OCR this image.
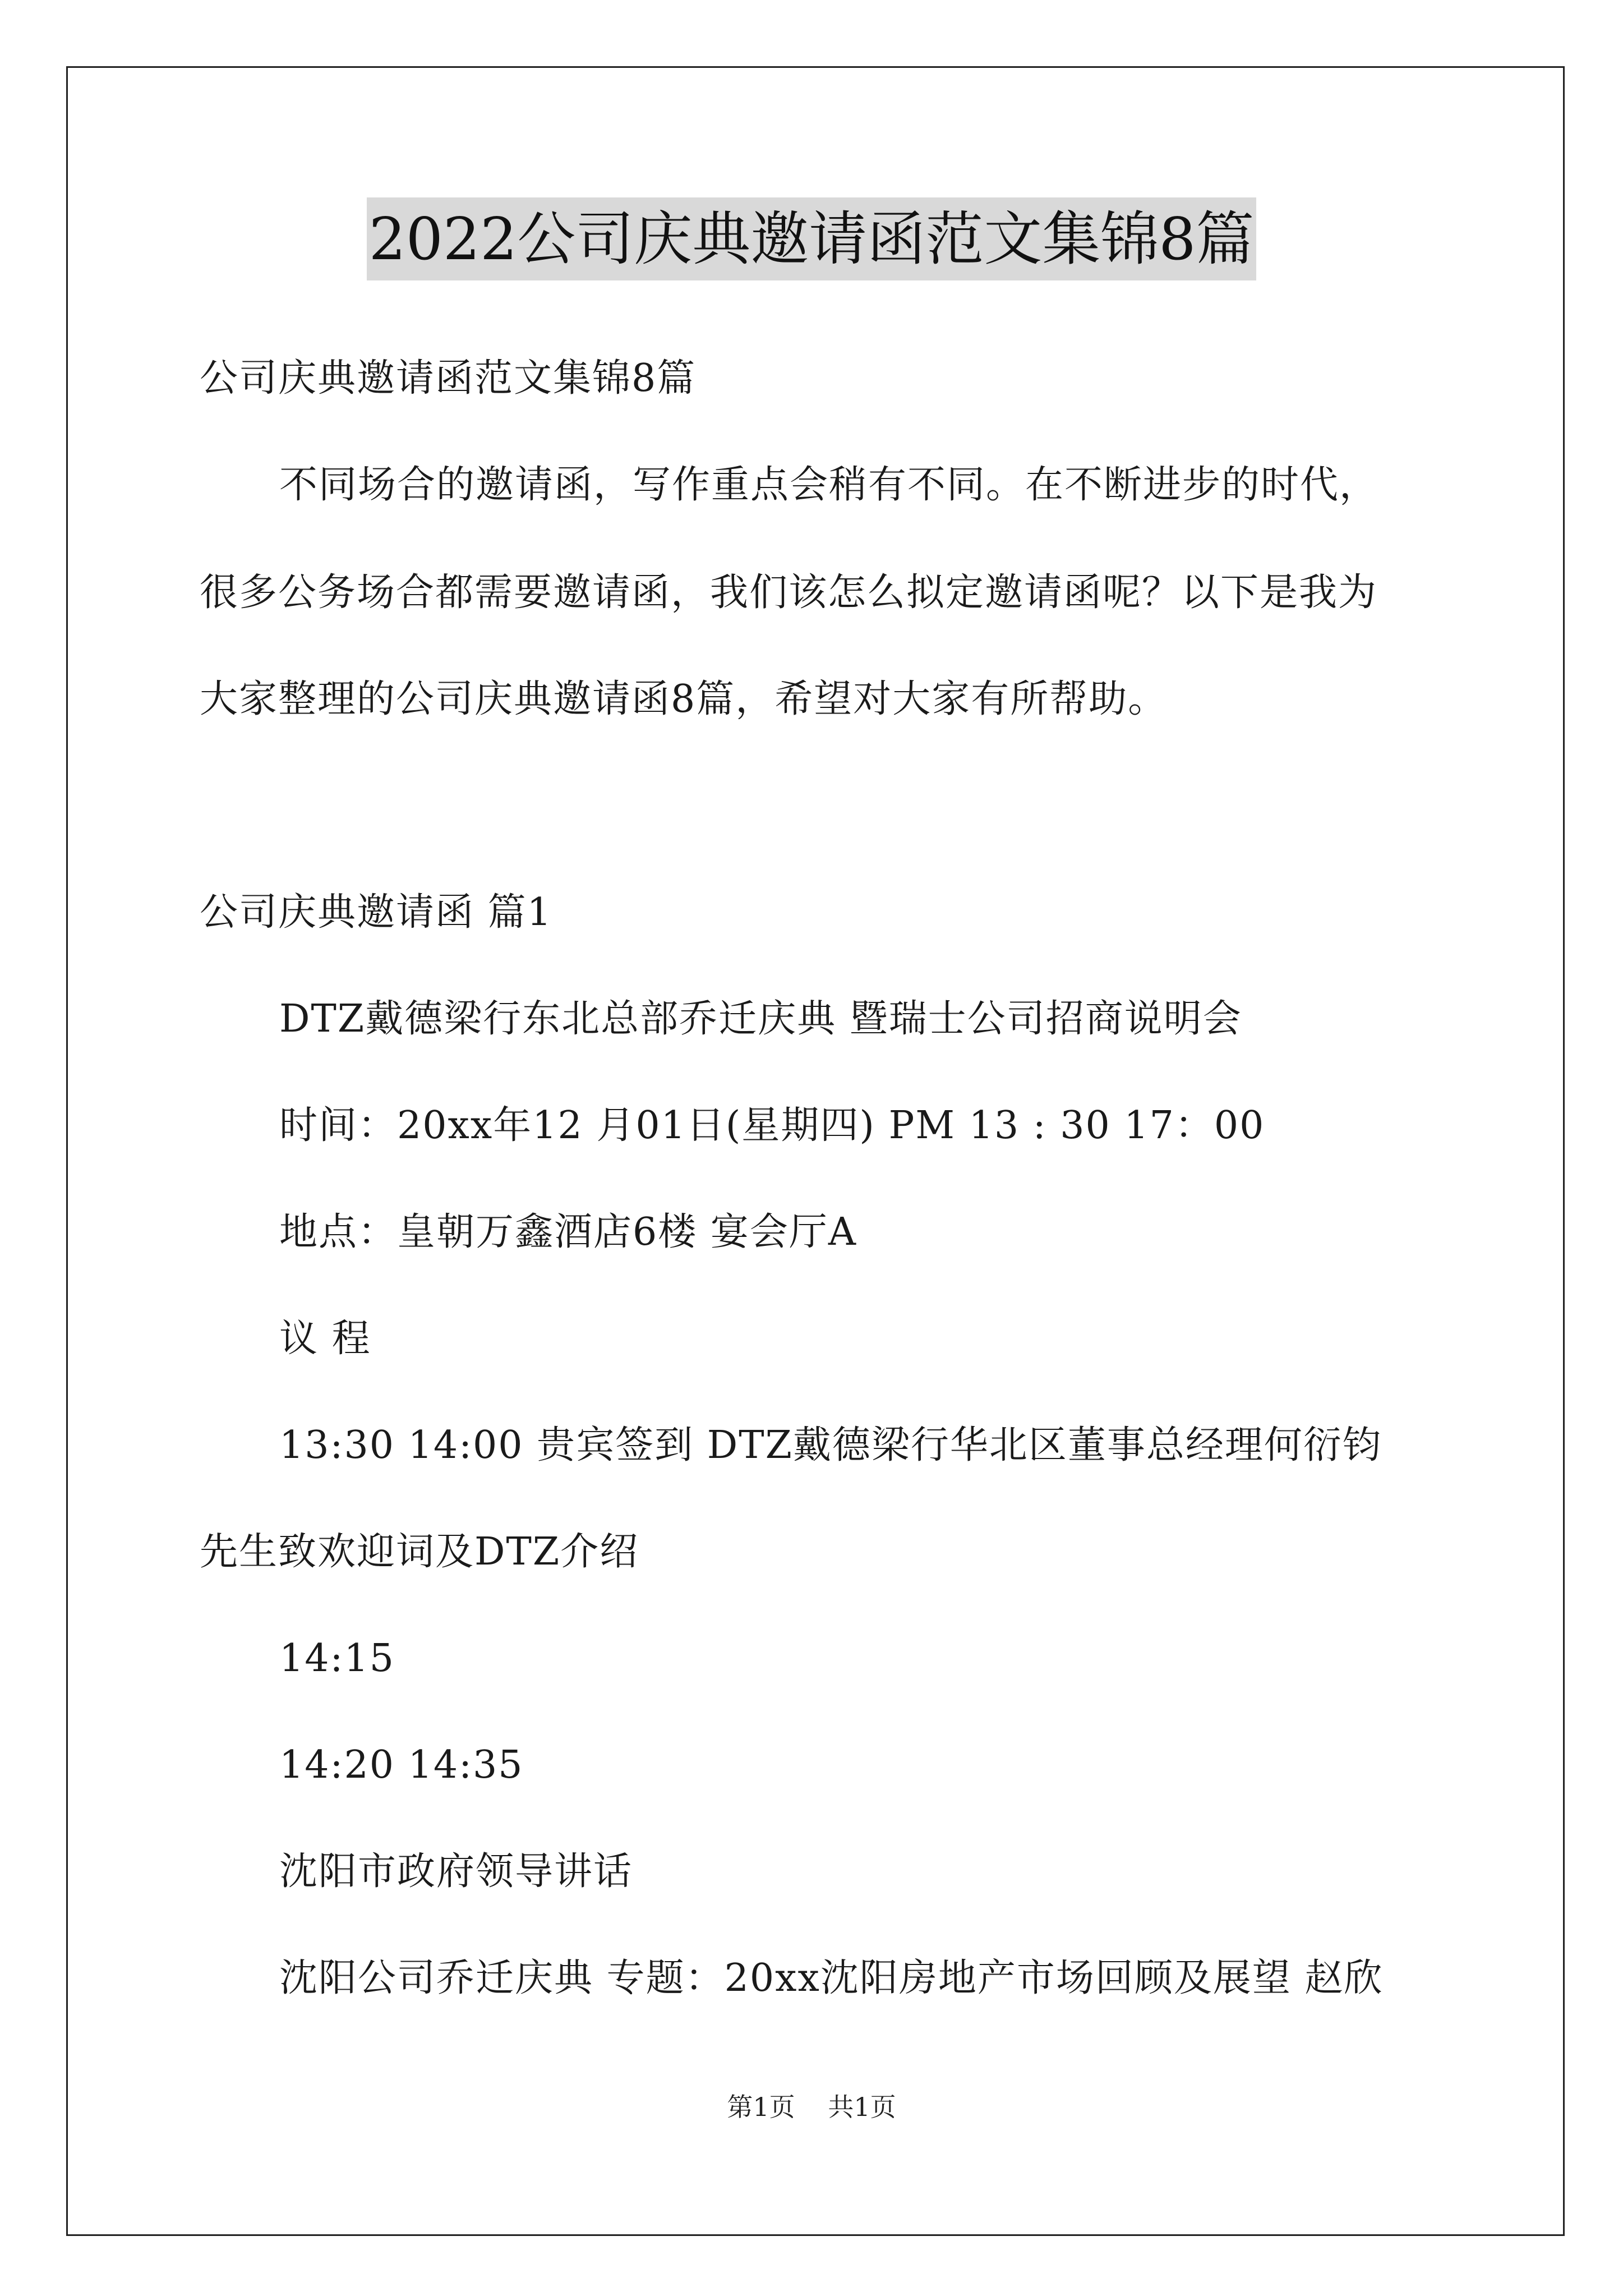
2022公司庆典邀请函范文集锦8篇
公司庆典邀请函范文集锦8篇
不同场合的邀请函，写作重点会稍有不同。在不断进步的时代，
很多公务场合都需要邀请函，我们该怎么拟定邀请函呢？以下是我为
大家整理的公司庆典邀请函8篇，希望对大家有所帮助。
公司庆典邀请函 篇1
DTZ戴德梁行东北总部乔迁庆典 暨瑞士公司招商说明会
时间：20xx年12 月01日(星期四) PM 13 : 30 17：00
地点：皇朝万鑫酒店6楼 宴会厅A
议 程
13:30 14:00 贵宾签到 DTZ戴德梁行华北区董事总经理何衍钧
先生致欢迎词及DTZ介绍
14:15
14:20 14:35
沈阳市政府领导讲话
沈阳公司乔迁庆典 专题：20xx沈阳房地产市场回顾及展望 赵欣
第1页 共1页
